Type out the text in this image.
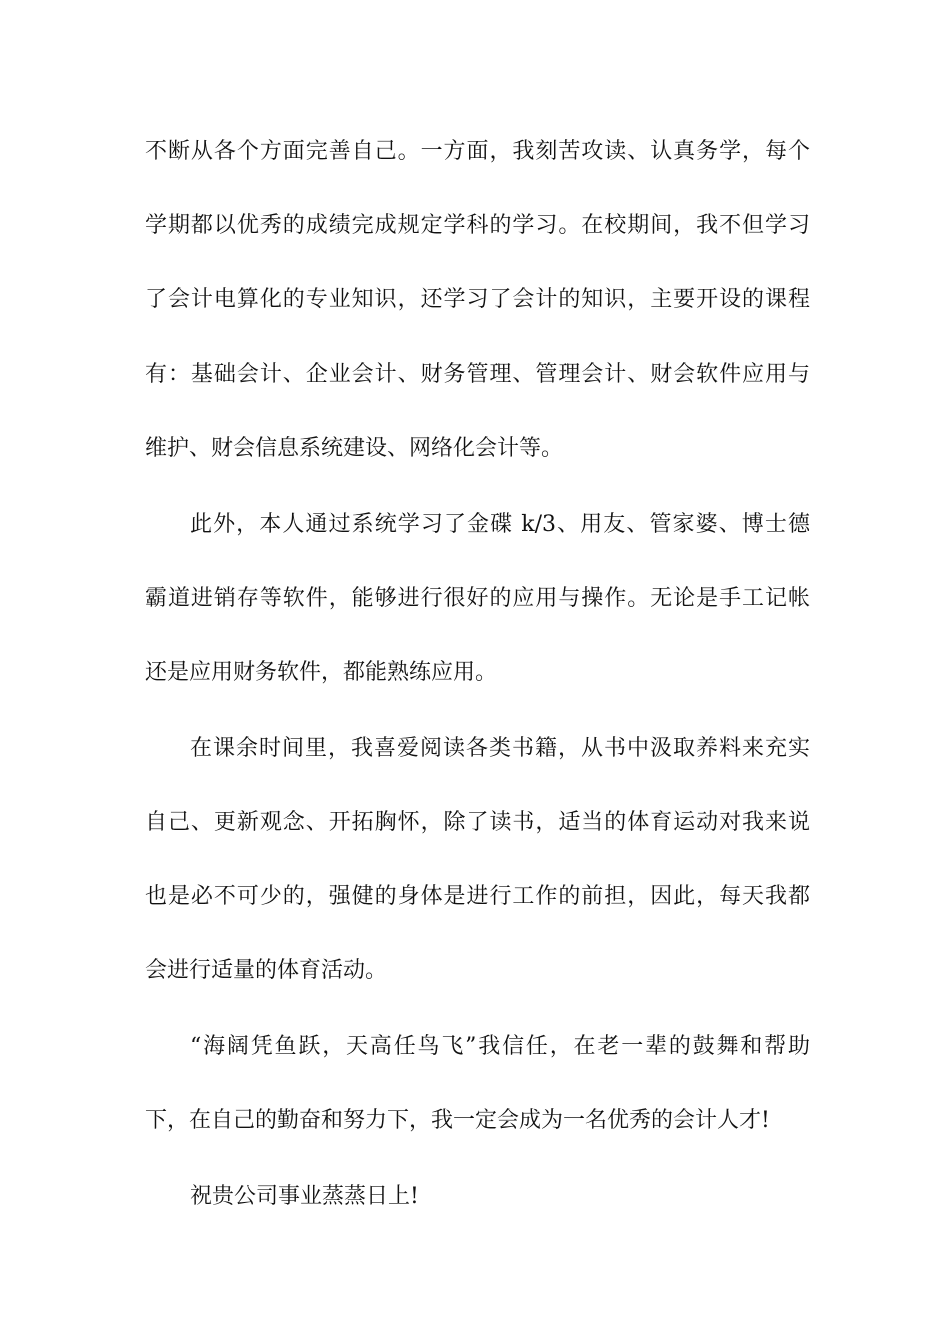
不断从各个方面完善自己。一方面，我刻苦攻读、认真务学，每个

学期都以优秀的成绩完成规定学科的学习。在校期间，我不但学习

了会计电算化的专业知识，还学习了会计的知识，主要开设的课程

有：基础会计、企业会计、财务管理、管理会计、财会软件应用与

维护、财会信息系统建设、网络化会计等。

此外，本人通过系统学习了金碟 k/3、用友、管家婆、博士德

霸道进销存等软件，能够进行很好的应用与操作。无论是手工记帐

还是应用财务软件，都能熟练应用。

在课余时间里，我喜爱阅读各类书籍，从书中汲取养料来充实

自己、更新观念、开拓胸怀，除了读书，适当的体育运动对我来说

也是必不可少的，强健的身体是进行工作的前担，因此，每天我都

会进行适量的体育活动。

“海阔凭鱼跃，天高任鸟飞”我信任，在老一辈的鼓舞和帮助

下，在自己的勤奋和努力下，我一定会成为一名优秀的会计人才!

祝贵公司事业蒸蒸日上!
